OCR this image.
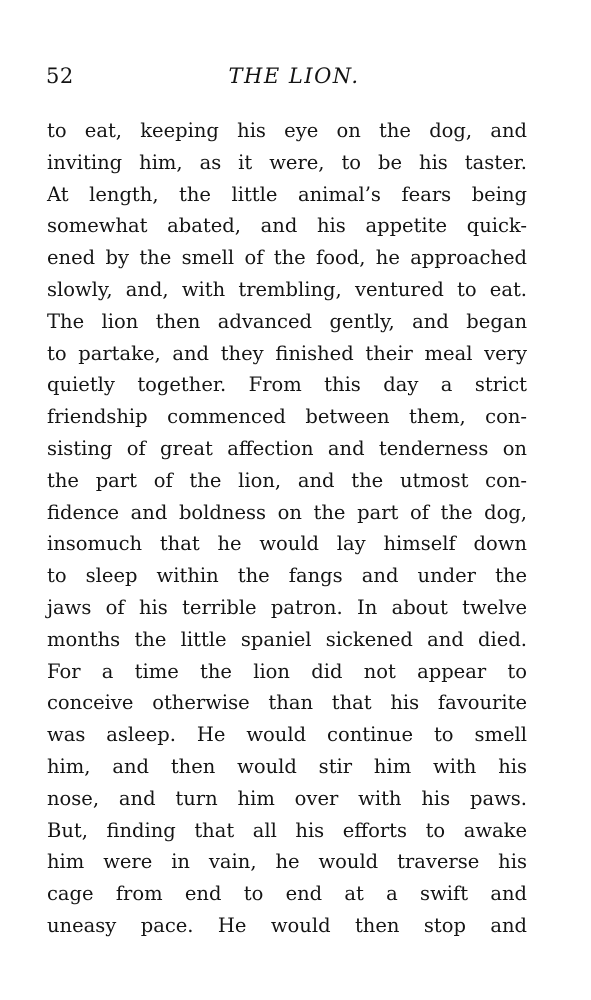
52	THE LION.
to eat, keeping his eye on the dog, and
inviting him, as it were, to be his taster.
At length, the little animal’s fears being
somewhat abated, and his appetite quick-
ened by the smell of the food, he approached
slowly, and, with trembling, ventured to eat.
The lion then advanced gently, and began
to partake, and they finished their meal very
quietly together. From this day a strict
friendship commenced between them, con-
sisting of great affection and tenderness on
the part of the lion, and the utmost con-
fidence and boldness on the part of the dog,
insomuch that he would lay himself down
to sleep within the fangs and under the
jaws of his terrible patron. In about twelve
months the little spaniel sickened and died.
For a time the lion did not appear to
conceive otherwise than that his favourite
was asleep. He would continue to smell
him, and then would stir him with his
nose, and turn him over with his paws.
But, finding that all his efforts to awake
him were in vain, he would traverse his
cage from end to end at a swift and
uneasy pace. He would then stop and
